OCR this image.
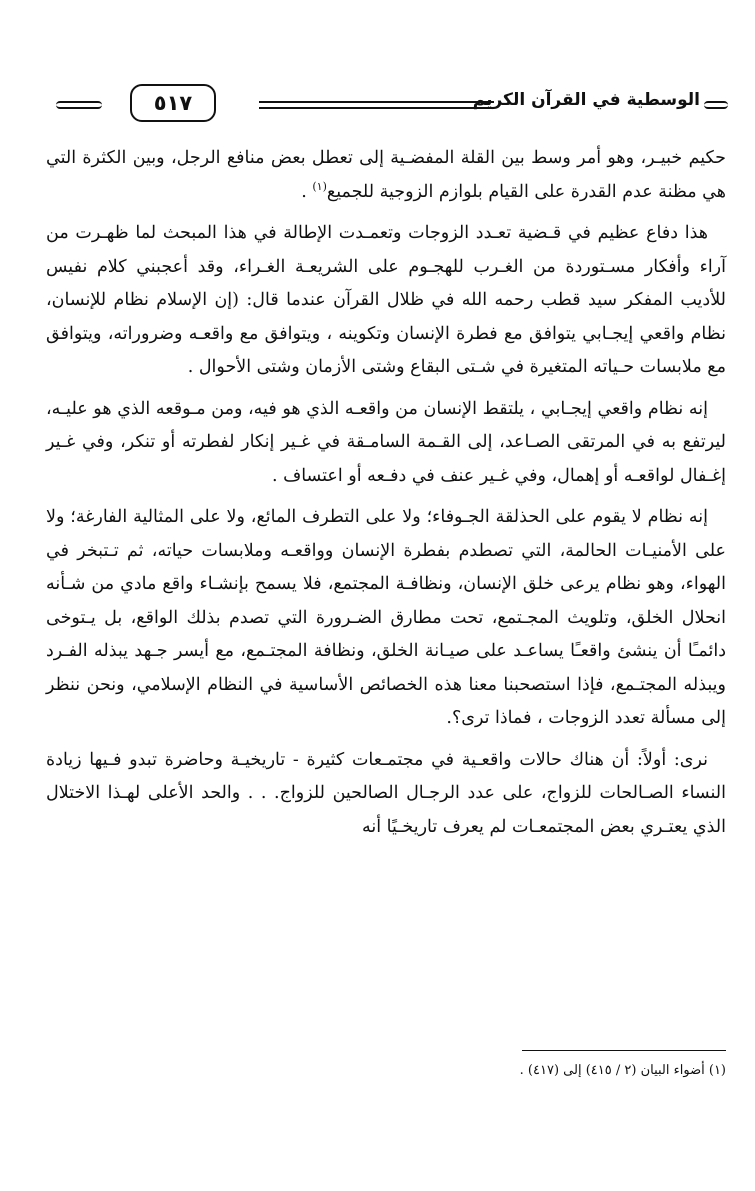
الوسطية في القرآن الكريم
٥١٧

حكيم خبيـر، وهو أمر وسط بين القلة المفضـية إلى تعطل بعض منافع الرجل، وبين الكثرة التي هي مظنة عدم القدرة على القيام بلوازم الزوجية للجميع$^{(١)}$ .

هذا دفاع عظيم في قـضية تعـدد الزوجات وتعمـدت الإطالة في هذا المبحث لما ظهـرت من آراء وأفكار مسـتوردة من الغـرب للهجـوم على الشريعـة الغـراء، وقد أعجبني كلام نفيس للأديب المفكر سيد قطب رحمه الله في ظلال القرآن عندما قال: (إن الإسلام نظام للإنسان، نظام واقعي إيجـابي يتوافق مع فطرة الإنسان وتكوينه ، ويتوافق مع واقعـه وضروراته، ويتوافق مع ملابسات حـياته المتغيرة في شـتى البقاع وشتى الأزمان وشتى الأحوال .

إنه نظام واقعي إيجـابي ، يلتقط الإنسان من واقعـه الذي هو فيه، ومن مـوقعه الذي هو عليـه، ليرتفع به في المرتقى الصـاعد، إلى القـمة السامـقة في غـير إنكار لفطرته أو تنكر، وفي غـير إغـفال لواقعـه أو إهمال، وفي غـير عنف في دفـعه أو اعتساف .

إنه نظام لا يقوم على الحذلقة الجـوفاء؛ ولا على التطرف المائع، ولا على المثالية الفارغة؛ ولا على الأمنيـات الحالمة، التي تصطدم بفطرة الإنسان وواقعـه وملابسات حياته، ثم تـتبخر في الهواء، وهو نظام يرعى خلق الإنسان، ونظافـة المجتمع، فلا يسمح بإنشـاء واقع مادي من شـأنه انحلال الخلق، وتلويث المجـتمع، تحت مطارق الضـرورة التي تصدم بذلك الواقع، بل يـتوخى دائمـًا أن ينشئ واقعـًا يساعـد على صيـانة الخلق، ونظافة المجتـمع، مع أيسر جـهد يبذله الفـرد ويبذله المجتـمع، فإذا استصحبنا معنا هذه الخصائص الأساسية في النظام الإسلامي، ونحن ننظر إلى مسألة تعدد الزوجات ، فماذا ترى؟.

نرى: أولاً: أن هناك حالات واقعـية في مجتمـعات كثيرة - تاريخيـة وحاضرة تبدو فـيها زيادة النساء الصـالحات للزواج، على عدد الرجـال الصالحين للزواج. . . والحد الأعلى لهـذا الاختلال الذي يعتـري بعض المجتمعـات لم يعرف تاريخـيًا أنه

(١) أضواء البيان (٢ / ٤١٥) إلى (٤١٧) .
